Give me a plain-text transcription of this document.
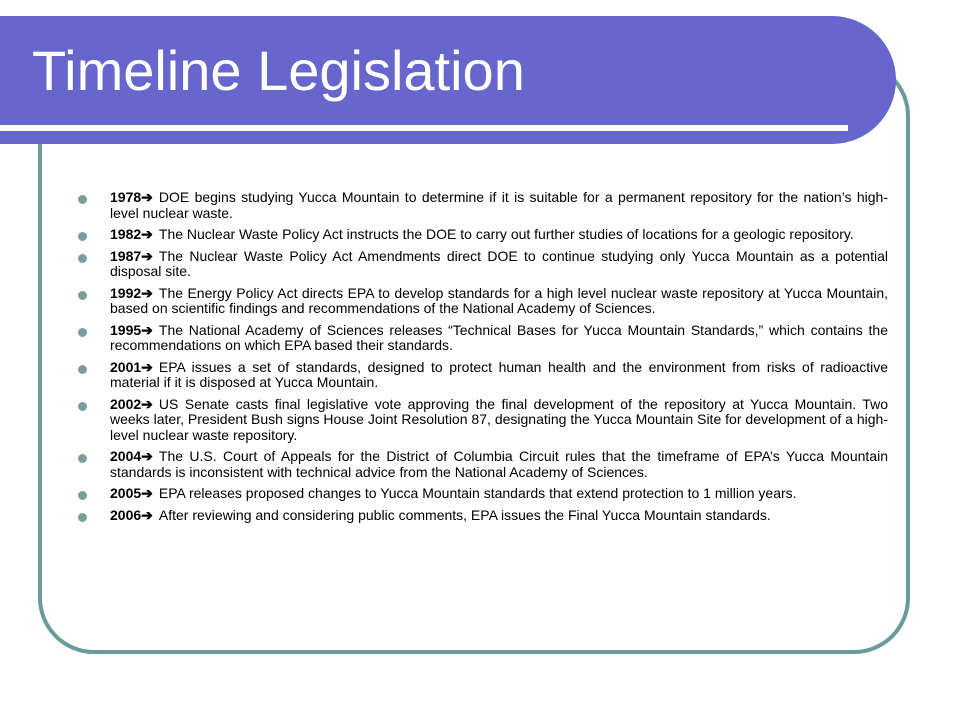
Timeline Legislation
1978➔ DOE begins studying Yucca Mountain to determine if it is suitable for a permanent repository for the nation’s high-level nuclear waste.
1982➔ The Nuclear Waste Policy Act instructs the DOE to carry out further studies of locations for a geologic repository.
1987➔ The Nuclear Waste Policy Act Amendments direct DOE to continue studying only Yucca Mountain as a potential disposal site.
1992➔ The Energy Policy Act directs EPA to develop standards for a high level nuclear waste repository at Yucca Mountain, based on scientific findings and recommendations of the National Academy of Sciences.
1995➔ The National Academy of Sciences releases “Technical Bases for Yucca Mountain Standards,” which contains the recommendations on which EPA based their standards.
2001➔ EPA issues a set of standards, designed to protect human health and the environment from risks of radioactive material if it is disposed at Yucca Mountain.
2002➔ US Senate casts final legislative vote approving the final development of the repository at Yucca Mountain. Two weeks later, President Bush signs House Joint Resolution 87, designating the Yucca Mountain Site for development of a high-level nuclear waste repository.
2004➔ The U.S. Court of Appeals for the District of Columbia Circuit rules that the timeframe of EPA’s Yucca Mountain standards is inconsistent with technical advice from the National Academy of Sciences.
2005➔ EPA releases proposed changes to Yucca Mountain standards that extend protection to 1 million years.
2006➔ After reviewing and considering public comments, EPA issues the Final Yucca Mountain standards.
